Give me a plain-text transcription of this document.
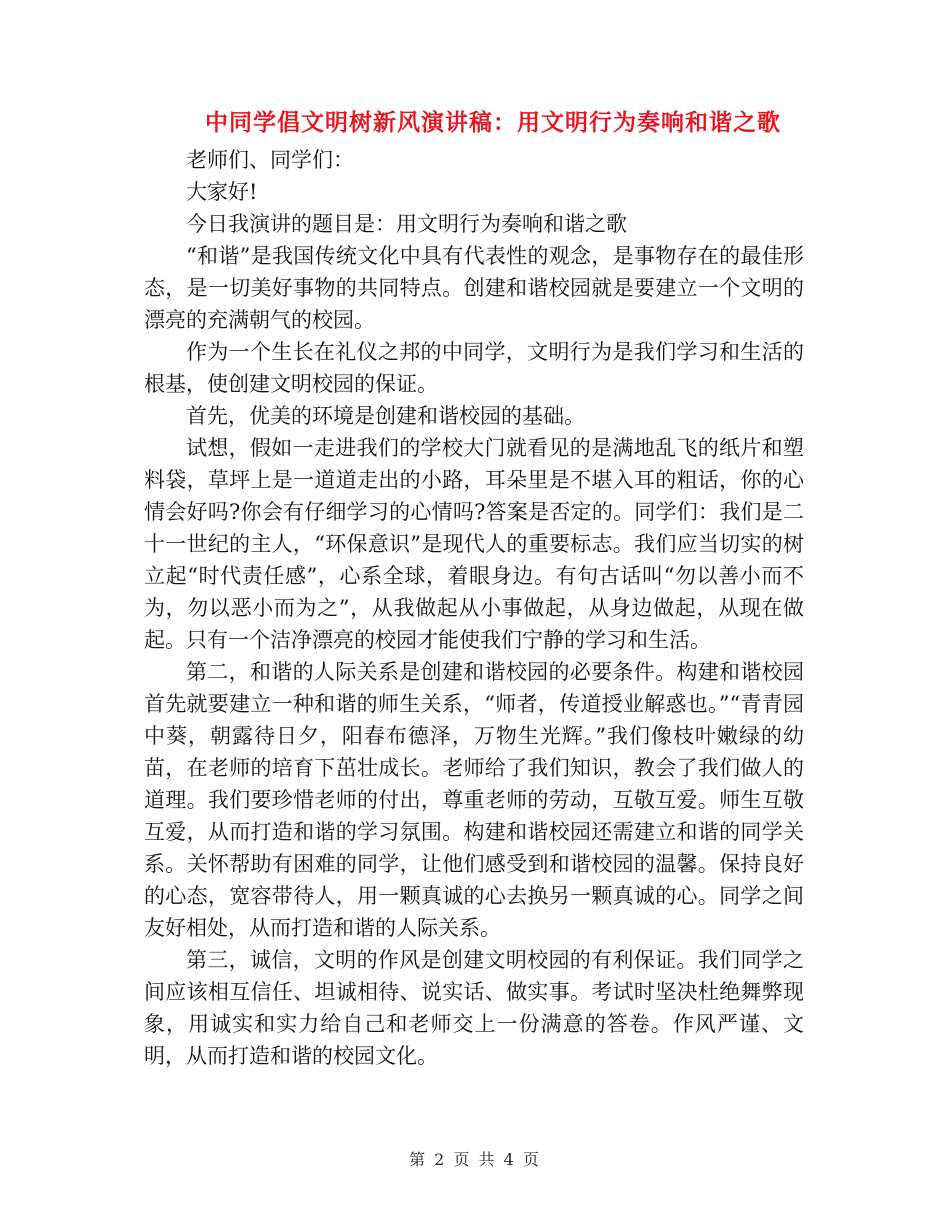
中同学倡文明树新风演讲稿：用文明行为奏响和谐之歌

老师们、同学们：

大家好!

今日我演讲的题目是：用文明行为奏响和谐之歌

“和谐”是我国传统文化中具有代表性的观念，是事物存在的最佳形态，是一切美好事物的共同特点。创建和谐校园就是要建立一个文明的漂亮的充满朝气的校园。

作为一个生长在礼仪之邦的中同学，文明行为是我们学习和生活的根基，使创建文明校园的保证。

首先，优美的环境是创建和谐校园的基础。

试想，假如一走进我们的学校大门就看见的是满地乱飞的纸片和塑料袋，草坪上是一道道走出的小路，耳朵里是不堪入耳的粗话，你的心情会好吗?你会有仔细学习的心情吗?答案是否定的。同学们：我们是二十一世纪的主人，“环保意识”是现代人的重要标志。我们应当切实的树立起“时代责任感”，心系全球，着眼身边。有句古话叫“勿以善小而不为，勿以恶小而为之”，从我做起从小事做起，从身边做起，从现在做起。只有一个洁净漂亮的校园才能使我们宁静的学习和生活。

第二，和谐的人际关系是创建和谐校园的必要条件。构建和谐校园首先就要建立一种和谐的师生关系，“师者，传道授业解惑也。”“青青园中葵，朝露待日夕，阳春布德泽，万物生光辉。”我们像枝叶嫩绿的幼苗，在老师的培育下茁壮成长。老师给了我们知识，教会了我们做人的道理。我们要珍惜老师的付出，尊重老师的劳动，互敬互爱。师生互敬互爱，从而打造和谐的学习氛围。构建和谐校园还需建立和谐的同学关系。关怀帮助有困难的同学，让他们感受到和谐校园的温馨。保持良好的心态，宽容带待人，用一颗真诚的心去换另一颗真诚的心。同学之间友好相处，从而打造和谐的人际关系。

第三，诚信，文明的作风是创建文明校园的有利保证。我们同学之间应该相互信任、坦诚相待、说实话、做实事。考试时坚决杜绝舞弊现象，用诚实和实力给自己和老师交上一份满意的答卷。作风严谨、文明，从而打造和谐的校园文化。

第 2 页 共 4 页
